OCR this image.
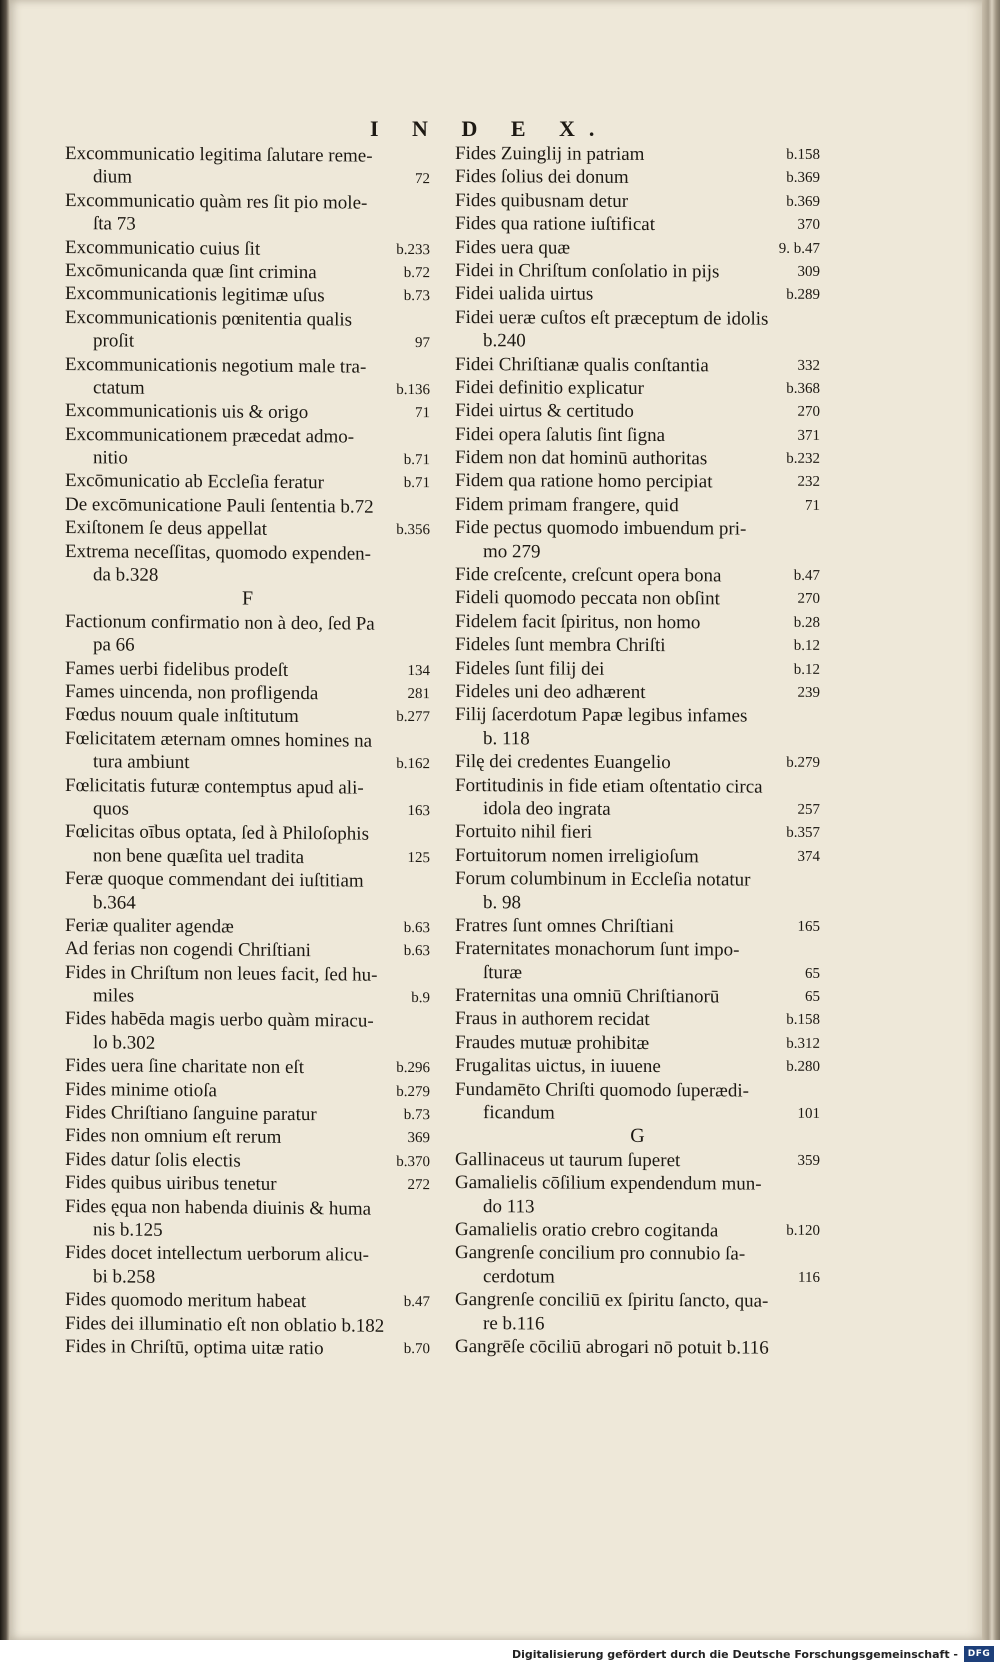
I N D E X.
Excommunicatio legitima ſalutare reme-
dium	72
Excommunicatio quàm res ſit pio mole-
ſta 73
Excommunicatio cuius ſit	b.233
Excōmunicanda quæ ſint crimina	b.72
Excommunicationis legitimæ uſus	b.73
Excommunicationis pœnitentia qualis
proſit	97
Excommunicationis negotium male tra-
ctatum	b.136
Excommunicationis uis & origo	71
Excommunicationem præcedat admo-
nitio	b.71
Excōmunicatio ab Eccleſia feratur	b.71
De excōmunicatione Pauli ſententia b.72
Exiſtonem ſe deus appellat	b.356
Extrema neceſſitas, quomodo expenden-
da b.328
F
Factionum confirmatio non à deo, ſed Pa
pa 66
Fames uerbi fidelibus prodeſt	134
Fames uincenda, non profligenda	281
Fœdus nouum quale inſtitutum	b.277
Fœlicitatem æternam omnes homines na
tura ambiunt	b.162
Fœlicitatis futuræ contemptus apud ali-
quos	163
Fœlicitas oībus optata, ſed à Philoſophis
non bene quæſita uel tradita	125
Feræ quoque commendant dei iuſtitiam
b.364
Feriæ qualiter agendæ	b.63
Ad ferias non cogendi Chriſtiani	b.63
Fides in Chriſtum non leues facit, ſed hu-
miles	b.9
Fides habēda magis uerbo quàm miracu-
lo b.302
Fides uera ſine charitate non eſt	b.296
Fides minime otioſa	b.279
Fides Chriſtiano ſanguine paratur	b.73
Fides non omnium eſt rerum	369
Fides datur ſolis electis	b.370
Fides quibus uiribus tenetur	272
Fides ęqua non habenda diuinis & huma
nis b.125
Fides docet intellectum uerborum alicu-
bi b.258
Fides quomodo meritum habeat	b.47
Fides dei illuminatio eſt non oblatio b.182
Fides in Chriſtū, optima uitæ ratio	b.70
Fides Zuinglij in patriam	b.158
Fides ſolius dei donum	b.369
Fides quibusnam detur	b.369
Fides qua ratione iuſtificat	370
Fides uera quæ	9. b.47
Fidei in Chriſtum conſolatio in pijs	309
Fidei ualida uirtus	b.289
Fidei ueræ cuſtos eſt præceptum de idolis
b.240
Fidei Chriſtianæ qualis conſtantia	332
Fidei definitio explicatur	b.368
Fidei uirtus & certitudo	270
Fidei opera ſalutis ſint ſigna	371
Fidem non dat hominū authoritas	b.232
Fidem qua ratione homo percipiat	232
Fidem primam frangere, quid	71
Fide pectus quomodo imbuendum pri-
mo 279
Fide creſcente, creſcunt opera bona	b.47
Fideli quomodo peccata non obſint	270
Fidelem facit ſpiritus, non homo	b.28
Fideles ſunt membra Chriſti	b.12
Fideles ſunt filij dei	b.12
Fideles uni deo adhærent	239
Filij ſacerdotum Papæ legibus infames
b. 118
Filę dei credentes Euangelio	b.279
Fortitudinis in fide etiam oſtentatio circa
idola deo ingrata	257
Fortuito nihil fieri	b.357
Fortuitorum nomen irreligioſum	374
Forum columbinum in Eccleſia notatur
b. 98
Fratres ſunt omnes Chriſtiani	165
Fraternitates monachorum ſunt impo-
ſturæ	65
Fraternitas una omniū Chriſtianorū	65
Fraus in authorem recidat	b.158
Fraudes mutuæ prohibitæ	b.312
Frugalitas uictus, in iuuene	b.280
Fundamēto Chriſti quomodo ſuperædi-
ficandum	101
G
Gallinaceus ut taurum ſuperet	359
Gamalielis cōſilium expendendum mun-
do 113
Gamalielis oratio crebro cogitanda	b.120
Gangrenſe concilium pro connubio ſa-
cerdotum	116
Gangrenſe conciliū ex ſpiritu ſancto, qua-
re b.116
Gangrēſe cōciliū abrogari nō potuit b.116
Digitalisierung gefördert durch die Deutsche Forschungsgemeinschaft -	DFG
